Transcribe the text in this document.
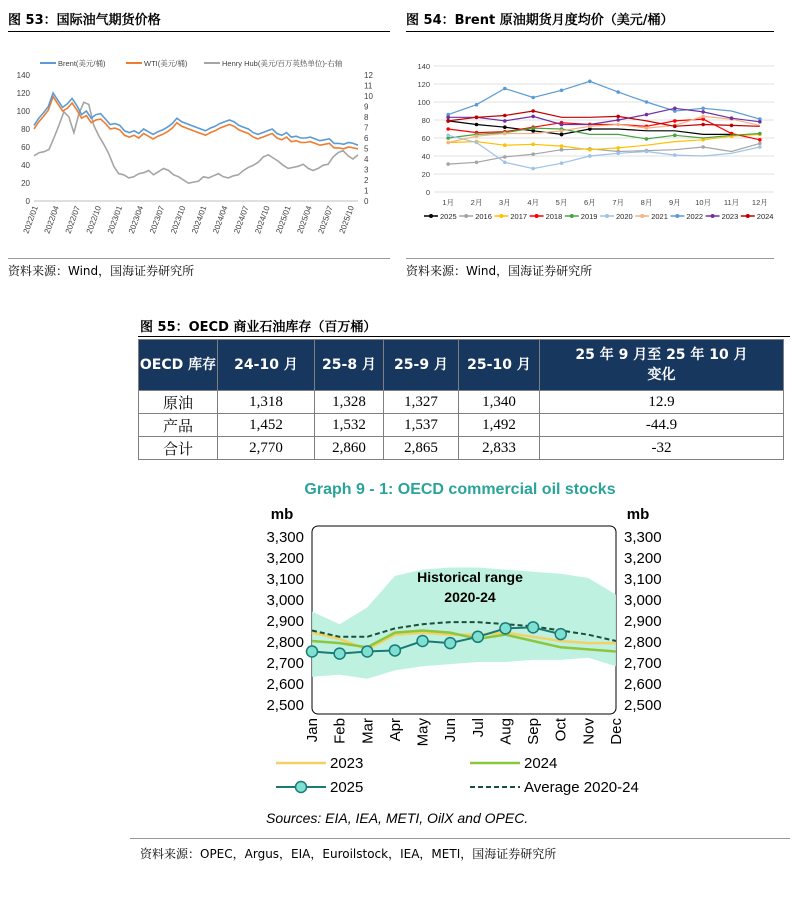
图 53：国际油气期货价格
0
20
40
60
80
100
120
140
0
1
2
3
4
5
6
7
8
9
10
11
12
2022/01 2022/04 2022/07 2022/10 2023/01 2023/04 2023/07 2023/10 2024/01 2024/04 2024/07 2024/10 2025/01 2025/04 2025/07 2025/10
Brent(美元/桶)	WTI(美元/桶)	Henry Hub(美元/百万英热单位)-右轴
资料来源：Wind，国海证券研究所
图 54：Brent 原油期货月度均价（美元/桶）
0
20
40
60
80
100
120
140
1月 2月 3月 4月 5月 6月 7月 8月 9月 10月 11月 12月
2025 2016 2017 2018 2019 2020 2021 2022 2023 2024
资料来源：Wind，国海证券研究所
图 55：OECD 商业石油库存（百万桶）
OECD 库存	24-10 月	25-8 月	25-9 月	25-10 月	25 年 9 月至 25 年 10 月变化
原油	1,318	1,328	1,327	1,340	12.9
产品	1,452	1,532	1,537	1,492	-44.9
合计	2,770	2,860	2,865	2,833	-32
Graph 9 - 1: OECD commercial oil stocks
mb	mb
2,500	2,500
2,600	2,600
2,700	2,700
2,800	2,800
2,900	2,900
3,000	3,000
3,100	3,100
3,200	3,200
3,300	3,300
Historical range
2020-24
Jan Feb Mar Apr May Jun Jul Aug Sep Oct Nov Dec
2023	2024
2025	Average 2020-24
Sources: EIA, IEA, METI, OilX and OPEC.
资料来源：OPEC，Argus，EIA，Euroilstock，IEA，METI，国海证券研究所
